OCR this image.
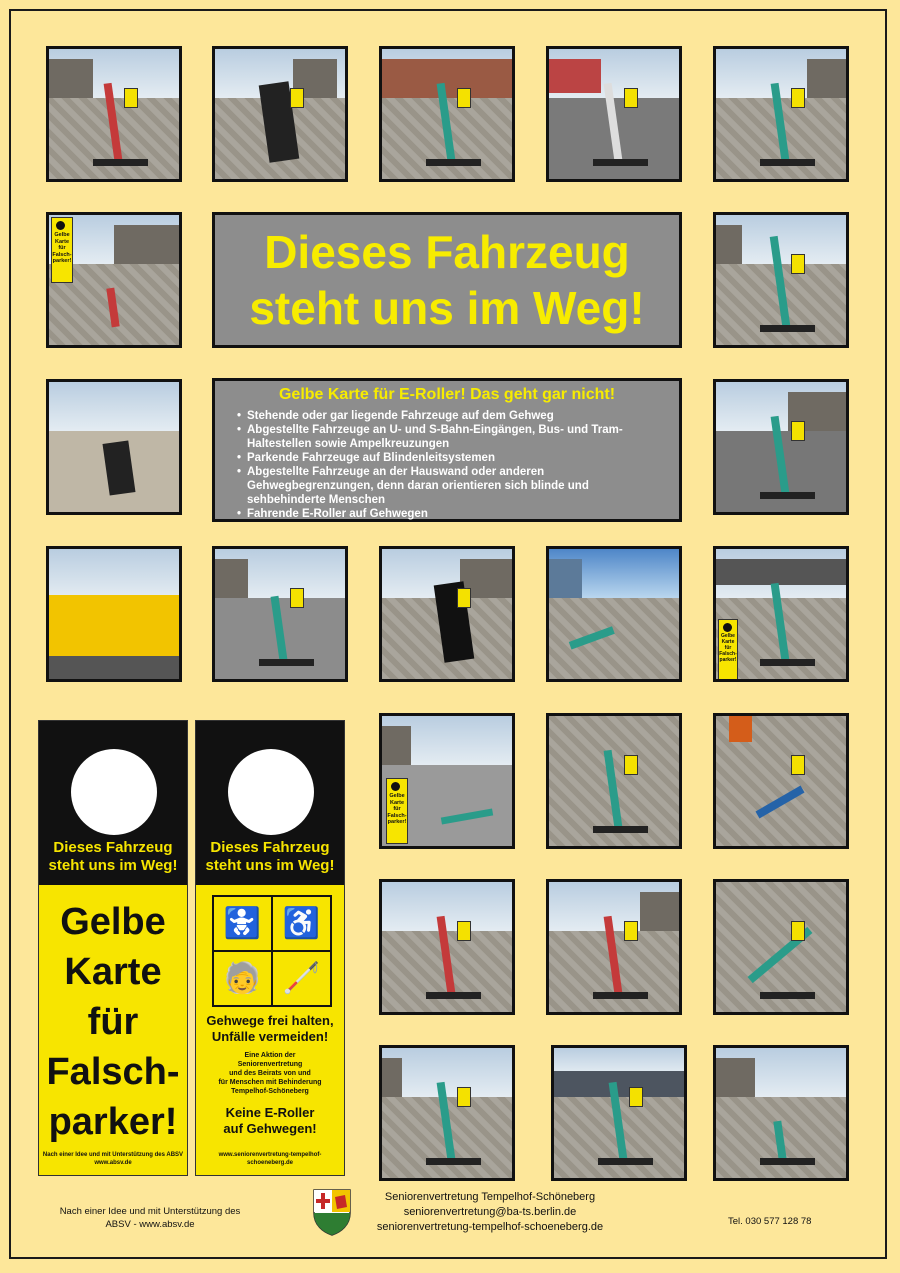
Gelbe
Karte
für
Falsch-
parker!	Dieses Fahrzeug
steht uns im Weg!
Gelbe Karte für E-Roller! Das geht gar nicht!
• Stehende oder gar liegende Fahrzeuge auf dem Gehweg
• Abgestellte Fahrzeuge an U- und S-Bahn-Eingängen, Bus- und Tram-Haltestellen sowie Ampelkreuzungen
• Parkende Fahrzeuge auf Blindenleitsystemen
• Abgestellte Fahrzeuge an der Hauswand oder anderen Gehwegbegrenzungen, denn daran orientieren sich blinde und sehbehinderte Menschen
• Fahrende E-Roller auf Gehwegen
Gelbe
Karte
für
Falsch-
parker!
Dieses Fahrzeug
steht uns im Weg!
Gelbe
Karte
für
Falsch-
parker!
Nach einer Idee und mit Unterstützung des ABSV
www.absv.de
Dieses Fahrzeug
steht uns im Weg!
🚼 ♿
🧓 🦯
Gehwege frei halten,
Unfälle vermeiden!
Eine Aktion der
Seniorenvertretung
und des Beirats von und
für Menschen mit Behinderung
Tempelhof-Schöneberg
Keine E-Roller
auf Gehwegen!
www.seniorenvertretung-tempelhof-schoeneberg.de
Gelbe
Karte
für
Falsch-
parker!
Nach einer Idee und mit Unterstützung des
ABSV - www.absv.de
Seniorenvertretung Tempelhof-Schöneberg
seniorenvertretung@ba-ts.berlin.de
seniorenvertretung-tempelhof-schoeneberg.de	Tel. 030 577 128 78
